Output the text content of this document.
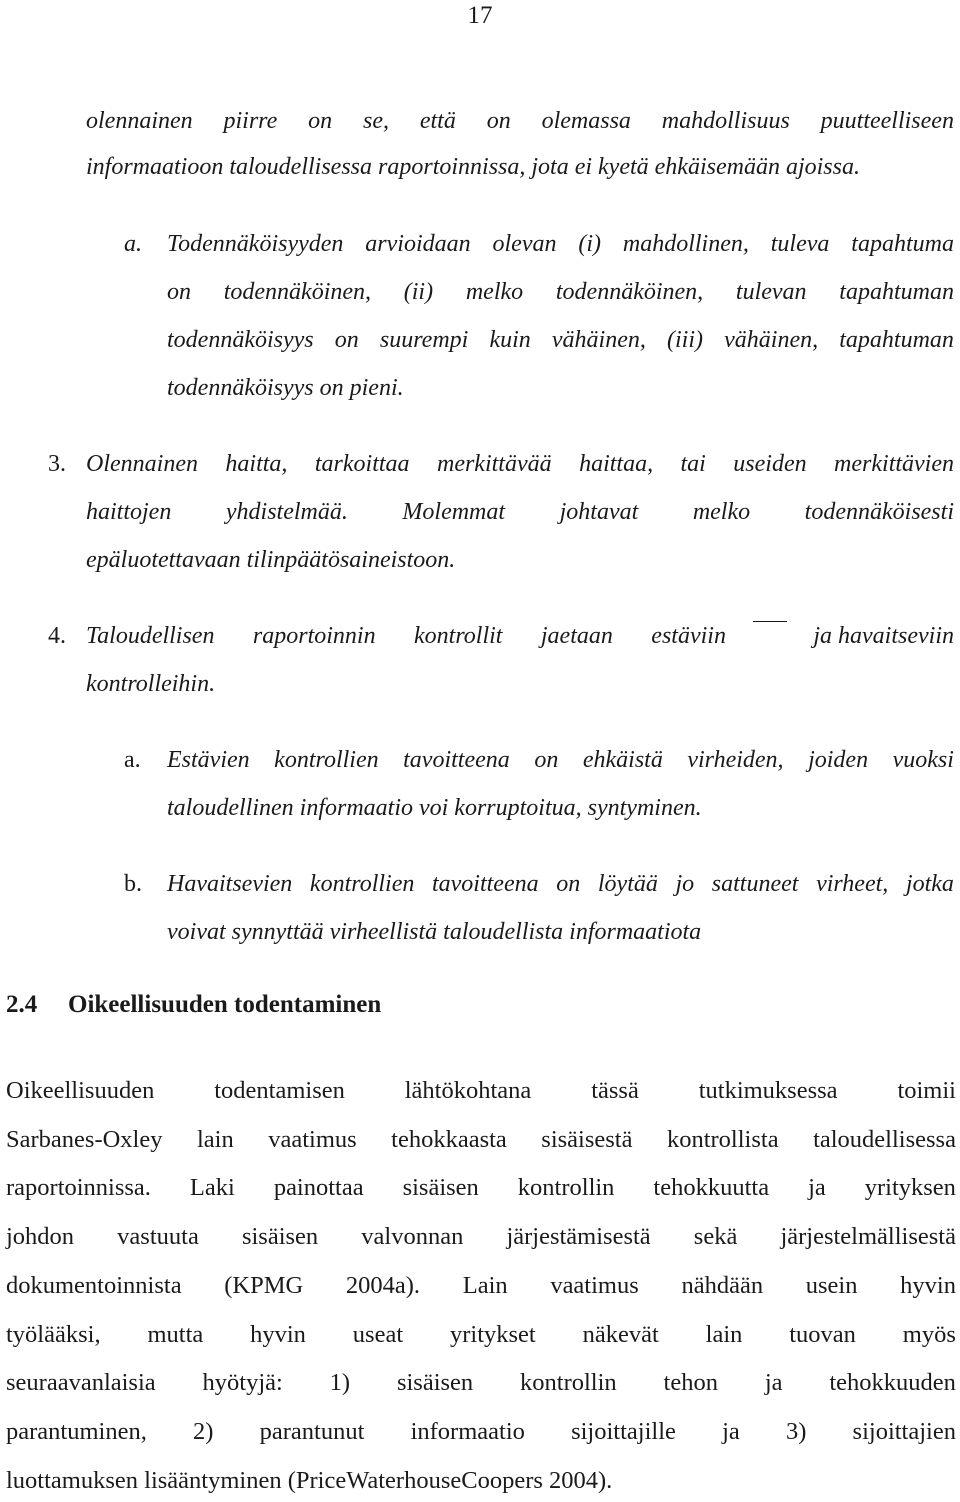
17
olennainen piirre on se, että on olemassa mahdollisuus puutteelliseen
informaatioon taloudellisessa raportoinnissa, jota ei kyetä ehkäisemään ajoissa.
a. Todennäköisyyden arvioidaan olevan (i) mahdollinen, tuleva tapahtuma
on todennäköinen, (ii) melko todennäköinen, tulevan tapahtuman
todennäköisyys on suurempi kuin vähäinen, (iii) vähäinen, tapahtuman
todennäköisyys on pieni.
3. Olennainen haitta, tarkoittaa merkittävää haittaa, tai useiden merkittävien
haittojen yhdistelmää. Molemmat johtavat melko todennäköisesti
epäluotettavaan tilinpäätösaineistoon.
4. Taloudellisen raportoinnin kontrollit jaetaan estäviin	ja havaitseviin
kontrolleihin.
a. Estävien kontrollien tavoitteena on ehkäistä virheiden, joiden vuoksi
taloudellinen informaatio voi korruptoitua, syntyminen.
b. Havaitsevien kontrollien tavoitteena on löytää jo sattuneet virheet, jotka
voivat synnyttää virheellistä taloudellista informaatiota
2.4 Oikeellisuuden todentaminen
Oikeellisuuden todentamisen lähtökohtana tässä tutkimuksessa toimii
Sarbanes-Oxley lain vaatimus tehokkaasta sisäisestä kontrollista taloudellisessa
raportoinnissa. Laki painottaa sisäisen kontrollin tehokkuutta ja yrityksen
johdon vastuuta sisäisen valvonnan järjestämisestä sekä järjestelmällisestä
dokumentoinnista (KPMG 2004a). Lain vaatimus nähdään usein hyvin
työlääksi, mutta hyvin useat yritykset näkevät lain tuovan myös
seuraavanlaisia hyötyjä: 1) sisäisen kontrollin tehon ja tehokkuuden
parantuminen, 2) parantunut informaatio sijoittajille ja 3) sijoittajien
luottamuksen lisääntyminen (PriceWaterhouseCoopers 2004).
